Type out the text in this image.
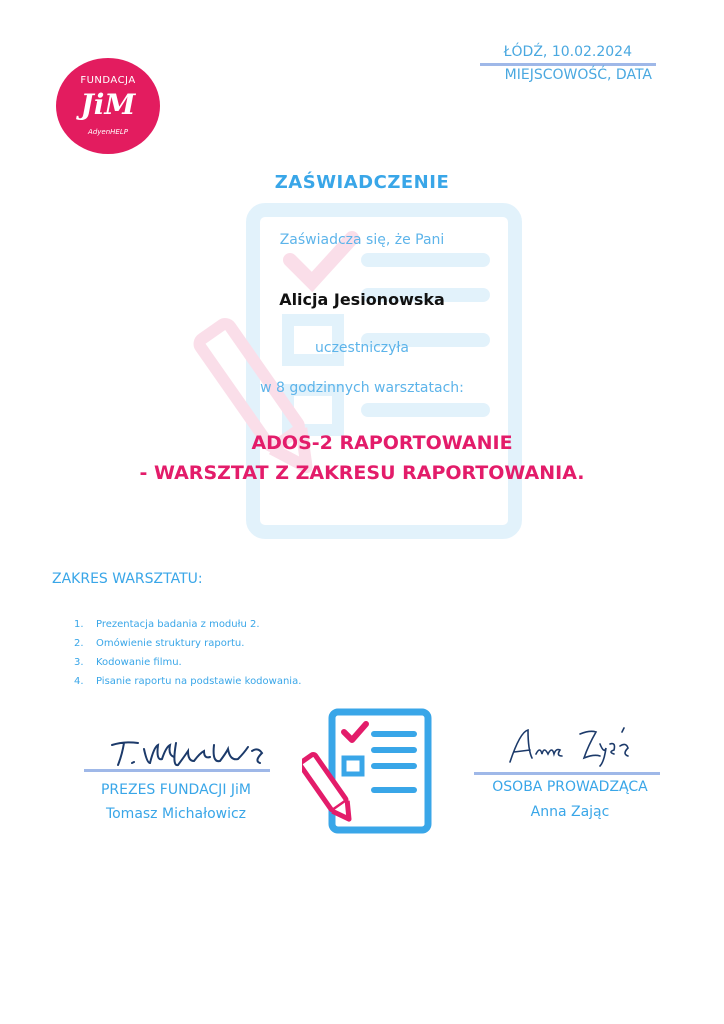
FUNDACJA
JiM
AdyenHELP
ŁÓDŹ, 10.02.2024
MIEJSCOWOŚĆ, DATA
ZAŚWIADCZENIE
Zaświadcza się, że Pani
Alicja Jesionowska
uczestniczyła
w 8 godzinnych warsztatach:
ADOS-2 RAPORTOWANIE
- WARSZTAT Z ZAKRESU RAPORTOWANIA.
ZAKRES WARSZTATU:
1. Prezentacja badania z modułu 2.
2. Omówienie struktury raportu.
3. Kodowanie filmu.
4. Pisanie raportu na podstawie kodowania.
PREZES FUNDACJI JiM
Tomasz Michałowicz
OSOBA PROWADZĄCA
Anna Zając
